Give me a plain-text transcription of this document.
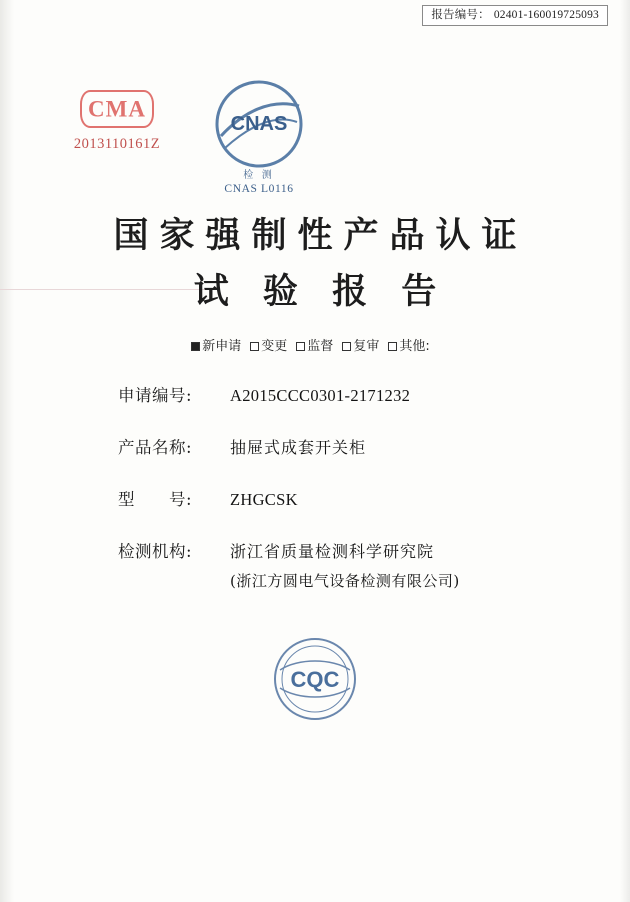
报告编号： 02401-160019725093
CMA
2013110161Z
CNAS
检 测
CNAS L0116
国家强制性产品认证
试 验 报 告
新申请 变更 监督 复审 其他:
申请编号:	A2015CCC0301-2171232
产品名称:	抽屉式成套开关柜
型　　号:	ZHGCSK
检测机构:	浙江省质量检测科学研究院
(浙江方圆电气设备检测有限公司)
CQC
